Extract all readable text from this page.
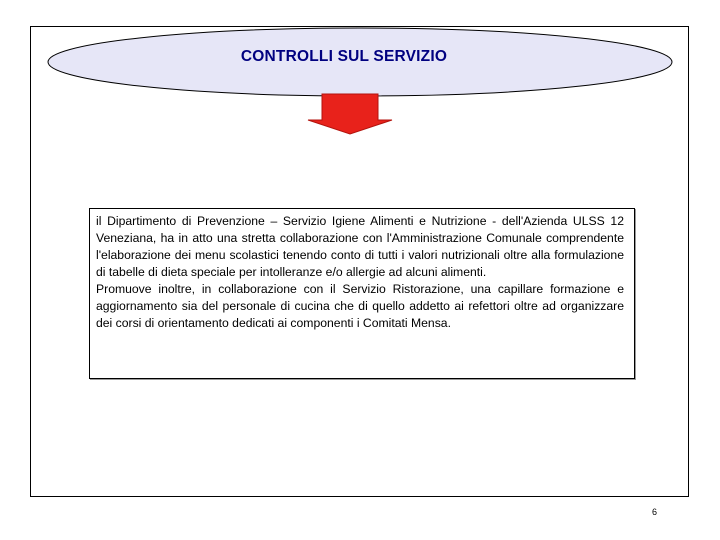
CONTROLLI SUL SERVIZIO

il Dipartimento di Prevenzione – Servizio Igiene Alimenti e Nutrizione - dell'Azienda ULSS 12 Veneziana, ha in atto una stretta collaborazione con l'Amministrazione Comunale comprendente l'elaborazione dei menu scolastici tenendo conto di tutti i valori nutrizionali oltre alla formulazione di tabelle di dieta speciale per intolleranze e/o allergie ad alcuni alimenti.

Promuove inoltre, in collaborazione con il Servizio Ristorazione, una capillare formazione e aggiornamento sia del personale di cucina che di quello addetto ai refettori oltre ad organizzare dei corsi di orientamento dedicati ai componenti i Comitati Mensa.

6
